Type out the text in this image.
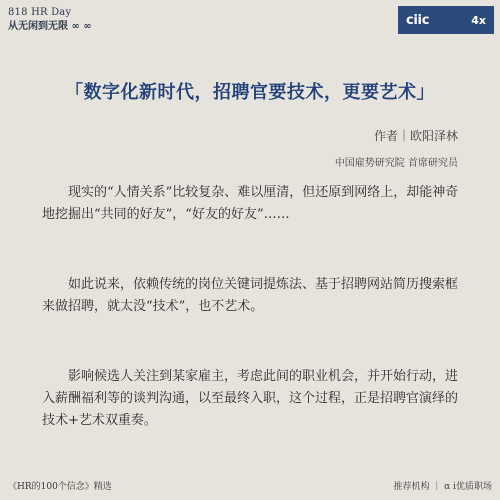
818 HR Day
从无闲到无限 ∞ ∞	ciic	4x
「数字化新时代，招聘官要技术，更要艺术」
作者｜欧阳泽林
中国雇势研究院 首席研究员

现实的“人情关系”比较复杂、难以厘清，但还原到网络上，却能神奇地挖掘出“共同的好友”，“好友的好友”……

如此说来，依赖传统的岗位关键词提炼法、基于招聘网站简历搜索框来做招聘，就太没“技术”，也不艺术。

影响候选人关注到某家雇主，考虑此间的职业机会，并开始行动，进入薪酬福利等的谈判沟通，以至最终入职，这个过程，正是招聘官演绎的技术+艺术双重奏。

《HR的100个信念》精选	推荐机构 ｜ α i优质职场
